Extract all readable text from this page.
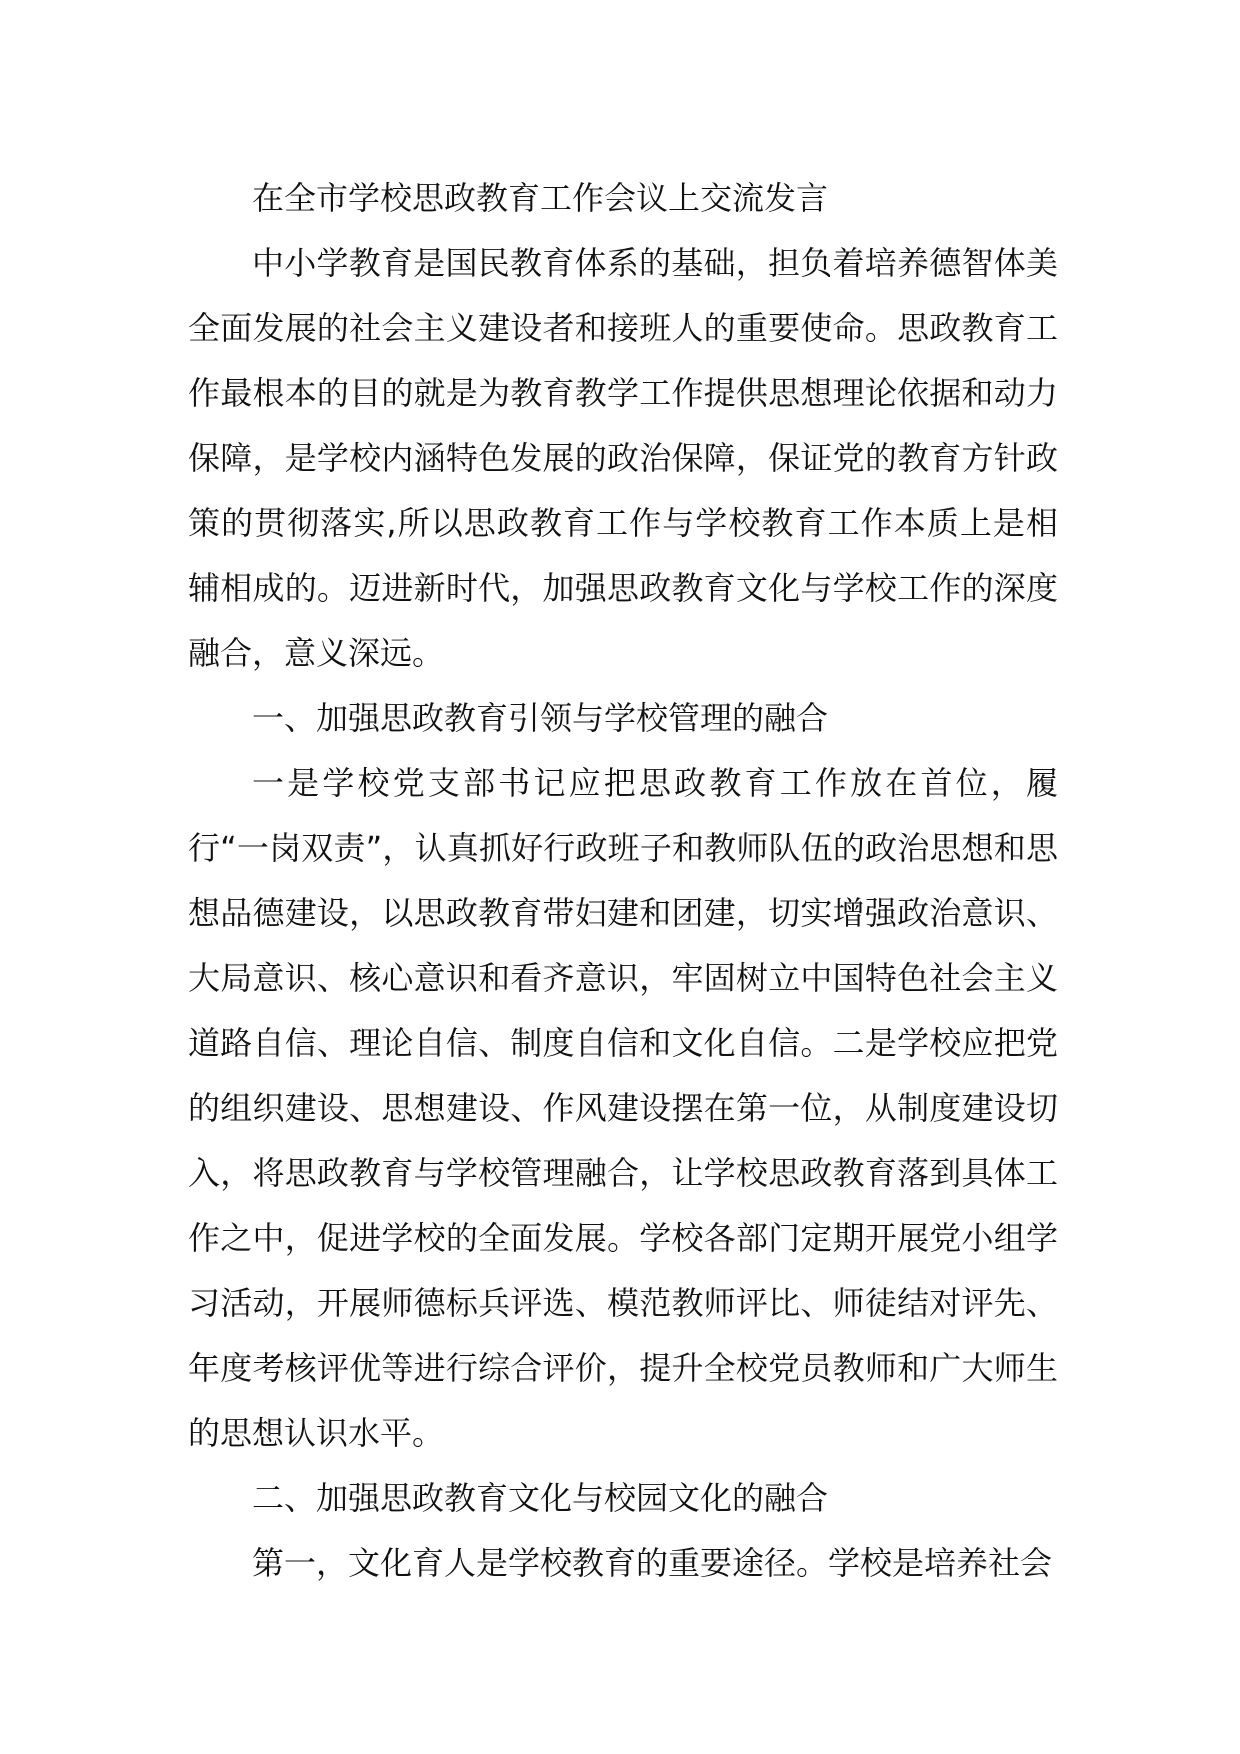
在全市学校思政教育工作会议上交流发言

中小学教育是国民教育体系的基础，担负着培养德智体美全面发展的社会主义建设者和接班人的重要使命。思政教育工作最根本的目的就是为教育教学工作提供思想理论依据和动力保障，是学校内涵特色发展的政治保障，保证党的教育方针政策的贯彻落实,所以思政教育工作与学校教育工作本质上是相辅相成的。迈进新时代，加强思政教育文化与学校工作的深度融合，意义深远。

一、加强思政教育引领与学校管理的融合

一是学校党支部书记应把思政教育工作放在首位，履行“一岗双责”，认真抓好行政班子和教师队伍的政治思想和思想品德建设，以思政教育带妇建和团建，切实增强政治意识、大局意识、核心意识和看齐意识，牢固树立中国特色社会主义道路自信、理论自信、制度自信和文化自信。二是学校应把党的组织建设、思想建设、作风建设摆在第一位，从制度建设切入，将思政教育与学校管理融合，让学校思政教育落到具体工作之中，促进学校的全面发展。学校各部门定期开展党小组学习活动，开展师德标兵评选、模范教师评比、师徒结对评先、年度考核评优等进行综合评价，提升全校党员教师和广大师生的思想认识水平。

二、加强思政教育文化与校园文化的融合

第一，文化育人是学校教育的重要途径。学校是培养社会
